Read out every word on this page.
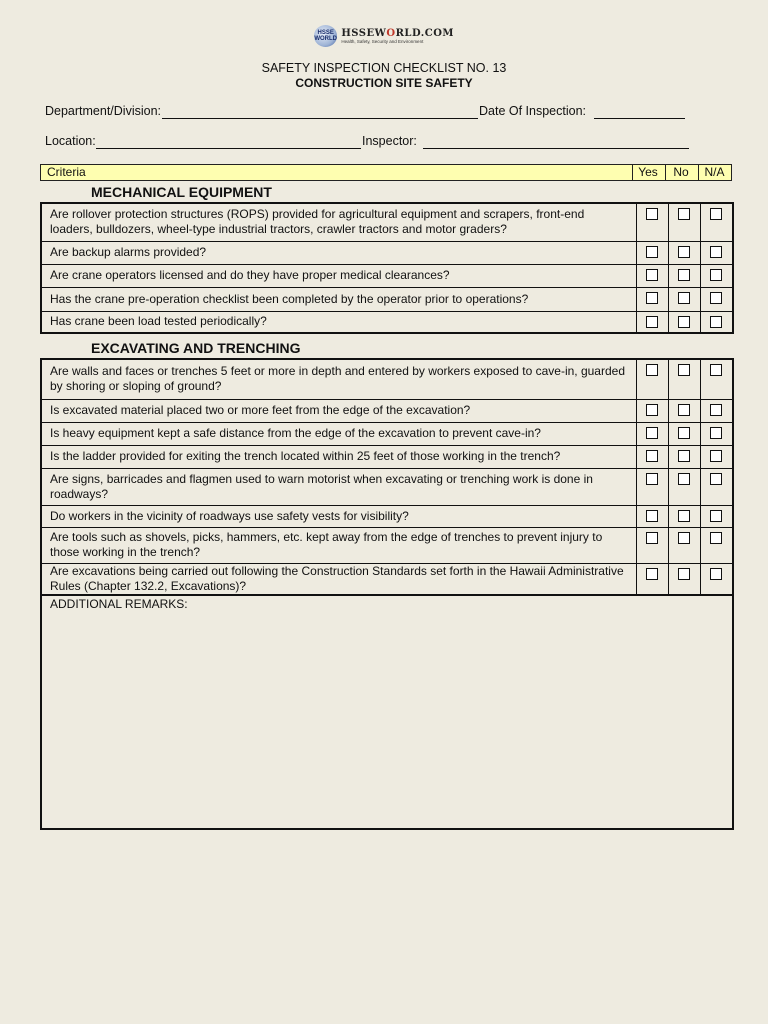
HSSE
WORLD
HSSEWORLD.COM
Health, Safety, Security and Environment
SAFETY INSPECTION CHECKLIST NO. 13
CONSTRUCTION SITE SAFETY
Department/Division:	Date Of Inspection:
Location:	Inspector:
Criteria	Yes	No	N/A
MECHANICAL EQUIPMENT
Are rollover protection structures (ROPS) provided for agricultural equipment and scrapers, front-end loaders, bulldozers, wheel-type industrial tractors, crawler tractors and motor graders?			
Are backup alarms provided?			
Are crane operators licensed and do they have proper medical clearances?			
Has the crane pre-operation checklist been completed by the operator prior to operations?			
Has crane been load tested periodically?			
EXCAVATING AND TRENCHING
Are walls and faces or trenches 5 feet or more in depth and entered by workers exposed to cave-in, guarded by shoring or sloping of ground?			
Is excavated material placed two or more feet from the edge of the excavation?			
Is heavy equipment kept a safe distance from the edge of the excavation to prevent cave-in?			
Is the ladder provided for exiting the trench located within 25 feet of those working in the trench?			
Are signs, barricades and flagmen used to warn motorist when excavating or trenching work is done in roadways?			
Do workers in the vicinity of roadways use safety vests for visibility?			
Are tools such as shovels, picks, hammers, etc. kept away from the edge of trenches to prevent injury to those working in the trench?			
Are excavations being carried out following the Construction Standards set forth in the Hawaii Administrative Rules (Chapter 132.2, Excavations)?			
ADDITIONAL REMARKS:
